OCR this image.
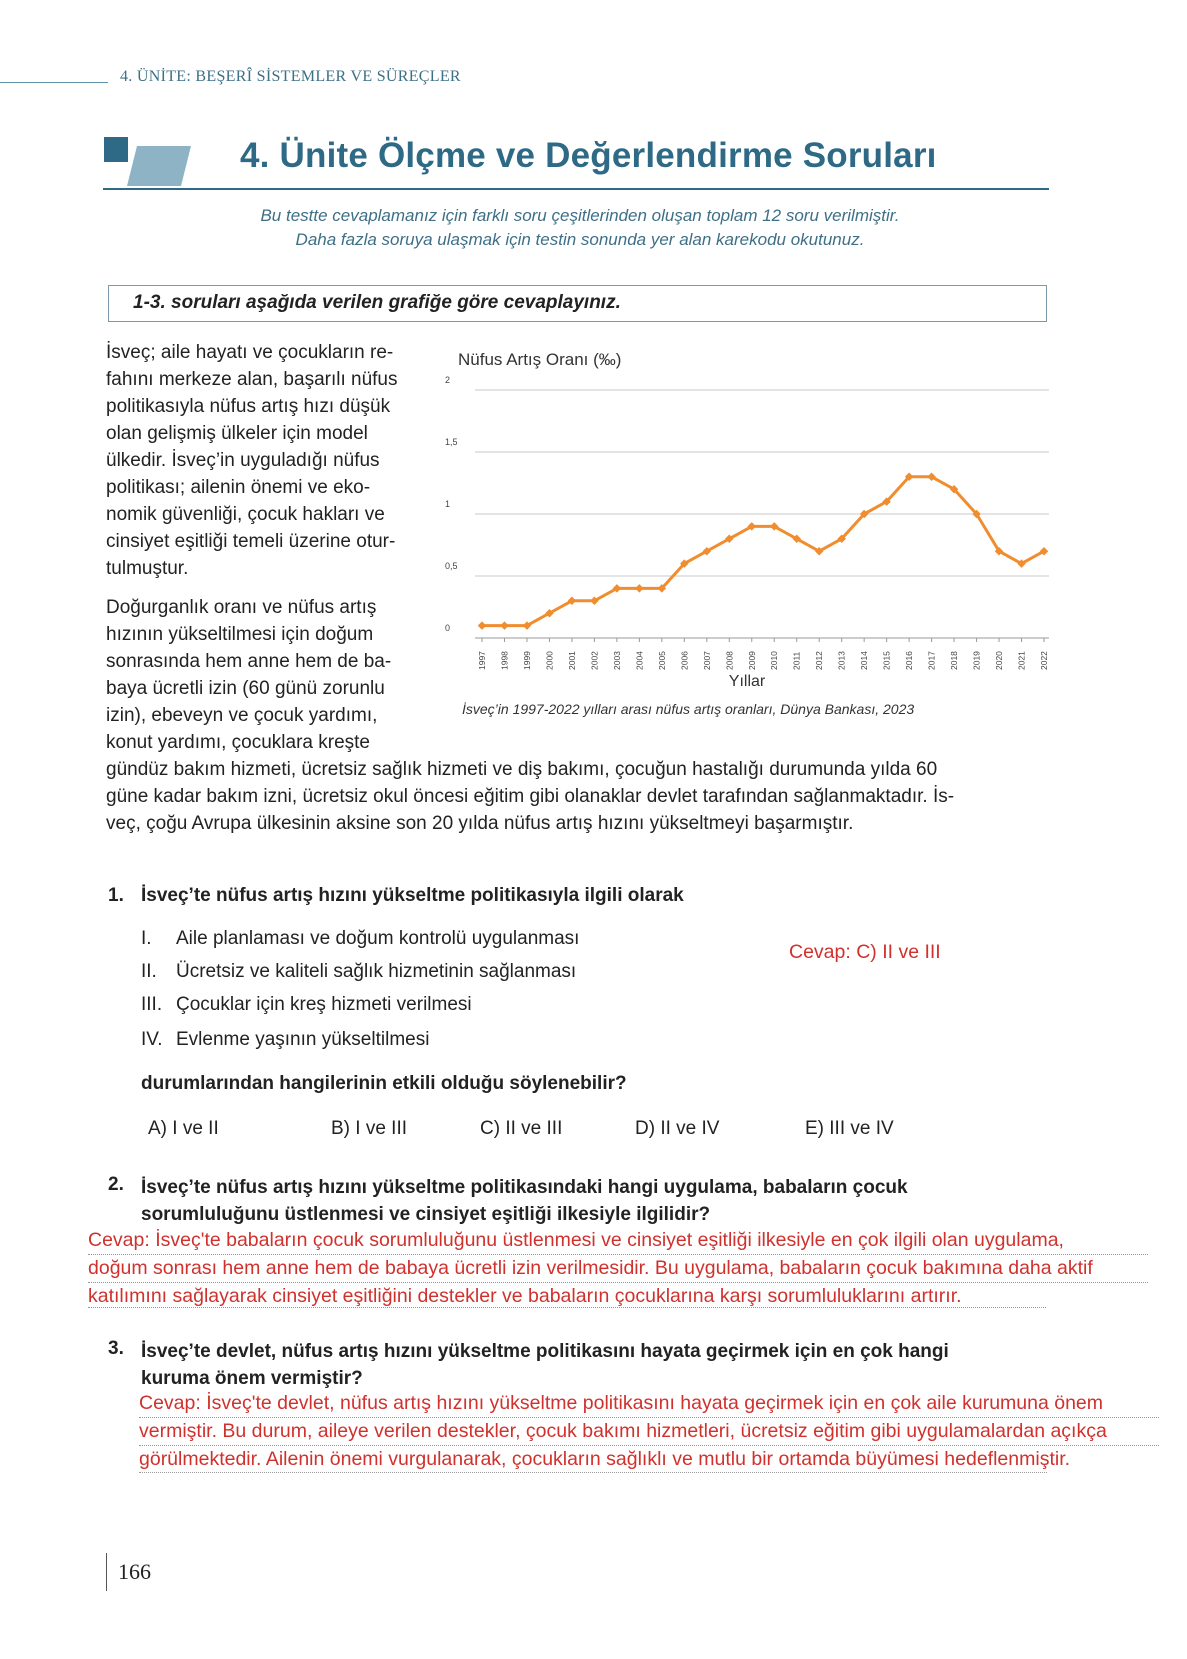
4. ÜNİTE: BEŞERÎ SİSTEMLER VE SÜREÇLER
4. Ünite Ölçme ve Değerlendirme Soruları
Bu testte cevaplamanız için farklı soru çeşitlerinden oluşan toplam 12 soru verilmiştir.
Daha fazla soruya ulaşmak için testin sonunda yer alan karekodu okutunuz.
1-3. soruları aşağıda verilen grafiğe göre cevaplayınız.
İsveç; aile hayatı ve çocukların re-
fahını merkeze alan, başarılı nüfus
politikasıyla nüfus artış hızı düşük
olan gelişmiş ülkeler için model
ülkedir. İsveç’in uyguladığı nüfus
politikası; ailenin önemi ve eko-
nomik güvenliği, çocuk hakları ve
cinsiyet eşitliği temeli üzerine otur-
tulmuştur.
Doğurganlık oranı ve nüfus artış
hızının yükseltilmesi için doğum
sonrasında hem anne hem de ba-
baya ücretli izin (60 günü zorunlu
izin), ebeveyn ve çocuk yardımı,
konut yardımı, çocuklara kreşte
gündüz bakım hizmeti, ücretsiz sağlık hizmeti ve diş bakımı, çocuğun hastalığı durumunda yılda 60
güne kadar bakım izni, ücretsiz okul öncesi eğitim gibi olanaklar devlet tarafından sağlanmaktadır. İs-
veç, çoğu Avrupa ülkesinin aksine son 20 yılda nüfus artış hızını yükseltmeyi başarmıştır.
Nüfus Artış Oranı (‰)
0
0,5
1
1,5
2
1997 1998 1999 2000 2001 2002 2003 2004 2005 2006 2007 2008 2009 2010 2011 2012 2013 2014 2015 2016 2017 2018 2019 2020 2021 2022
Yıllar
İsveç’in 1997-2022 yılları arası nüfus artış oranları, Dünya Bankası, 2023
1. İsveç’te nüfus artış hızını yükseltme politikasıyla ilgili olarak
I. Aile planlaması ve doğum kontrolü uygulanması
II. Ücretsiz ve kaliteli sağlık hizmetinin sağlanması
III. Çocuklar için kreş hizmeti verilmesi
IV. Evlenme yaşının yükseltilmesi
Cevap: C) II ve III
durumlarından hangilerinin etkili olduğu söylenebilir?
A) I ve II	B) I ve III	C) II ve III	D) II ve IV	E) III ve IV
2. İsveç’te nüfus artış hızını yükseltme politikasındaki hangi uygulama, babaların çocuk
sorumluluğunu üstlenmesi ve cinsiyet eşitliği ilkesiyle ilgilidir?
Cevap: İsveç'te babaların çocuk sorumluluğunu üstlenmesi ve cinsiyet eşitliği ilkesiyle en çok ilgili olan uygulama,
doğum sonrası hem anne hem de babaya ücretli izin verilmesidir. Bu uygulama, babaların çocuk bakımına daha aktif
katılımını sağlayarak cinsiyet eşitliğini destekler ve babaların çocuklarına karşı sorumluluklarını artırır.
3. İsveç’te devlet, nüfus artış hızını yükseltme politikasını hayata geçirmek için en çok hangi
kuruma önem vermiştir?
Cevap: İsveç'te devlet, nüfus artış hızını yükseltme politikasını hayata geçirmek için en çok aile kurumuna önem
vermiştir. Bu durum, aileye verilen destekler, çocuk bakımı hizmetleri, ücretsiz eğitim gibi uygulamalardan açıkça
görülmektedir. Ailenin önemi vurgulanarak, çocukların sağlıklı ve mutlu bir ortamda büyümesi hedeflenmiştir.
166
